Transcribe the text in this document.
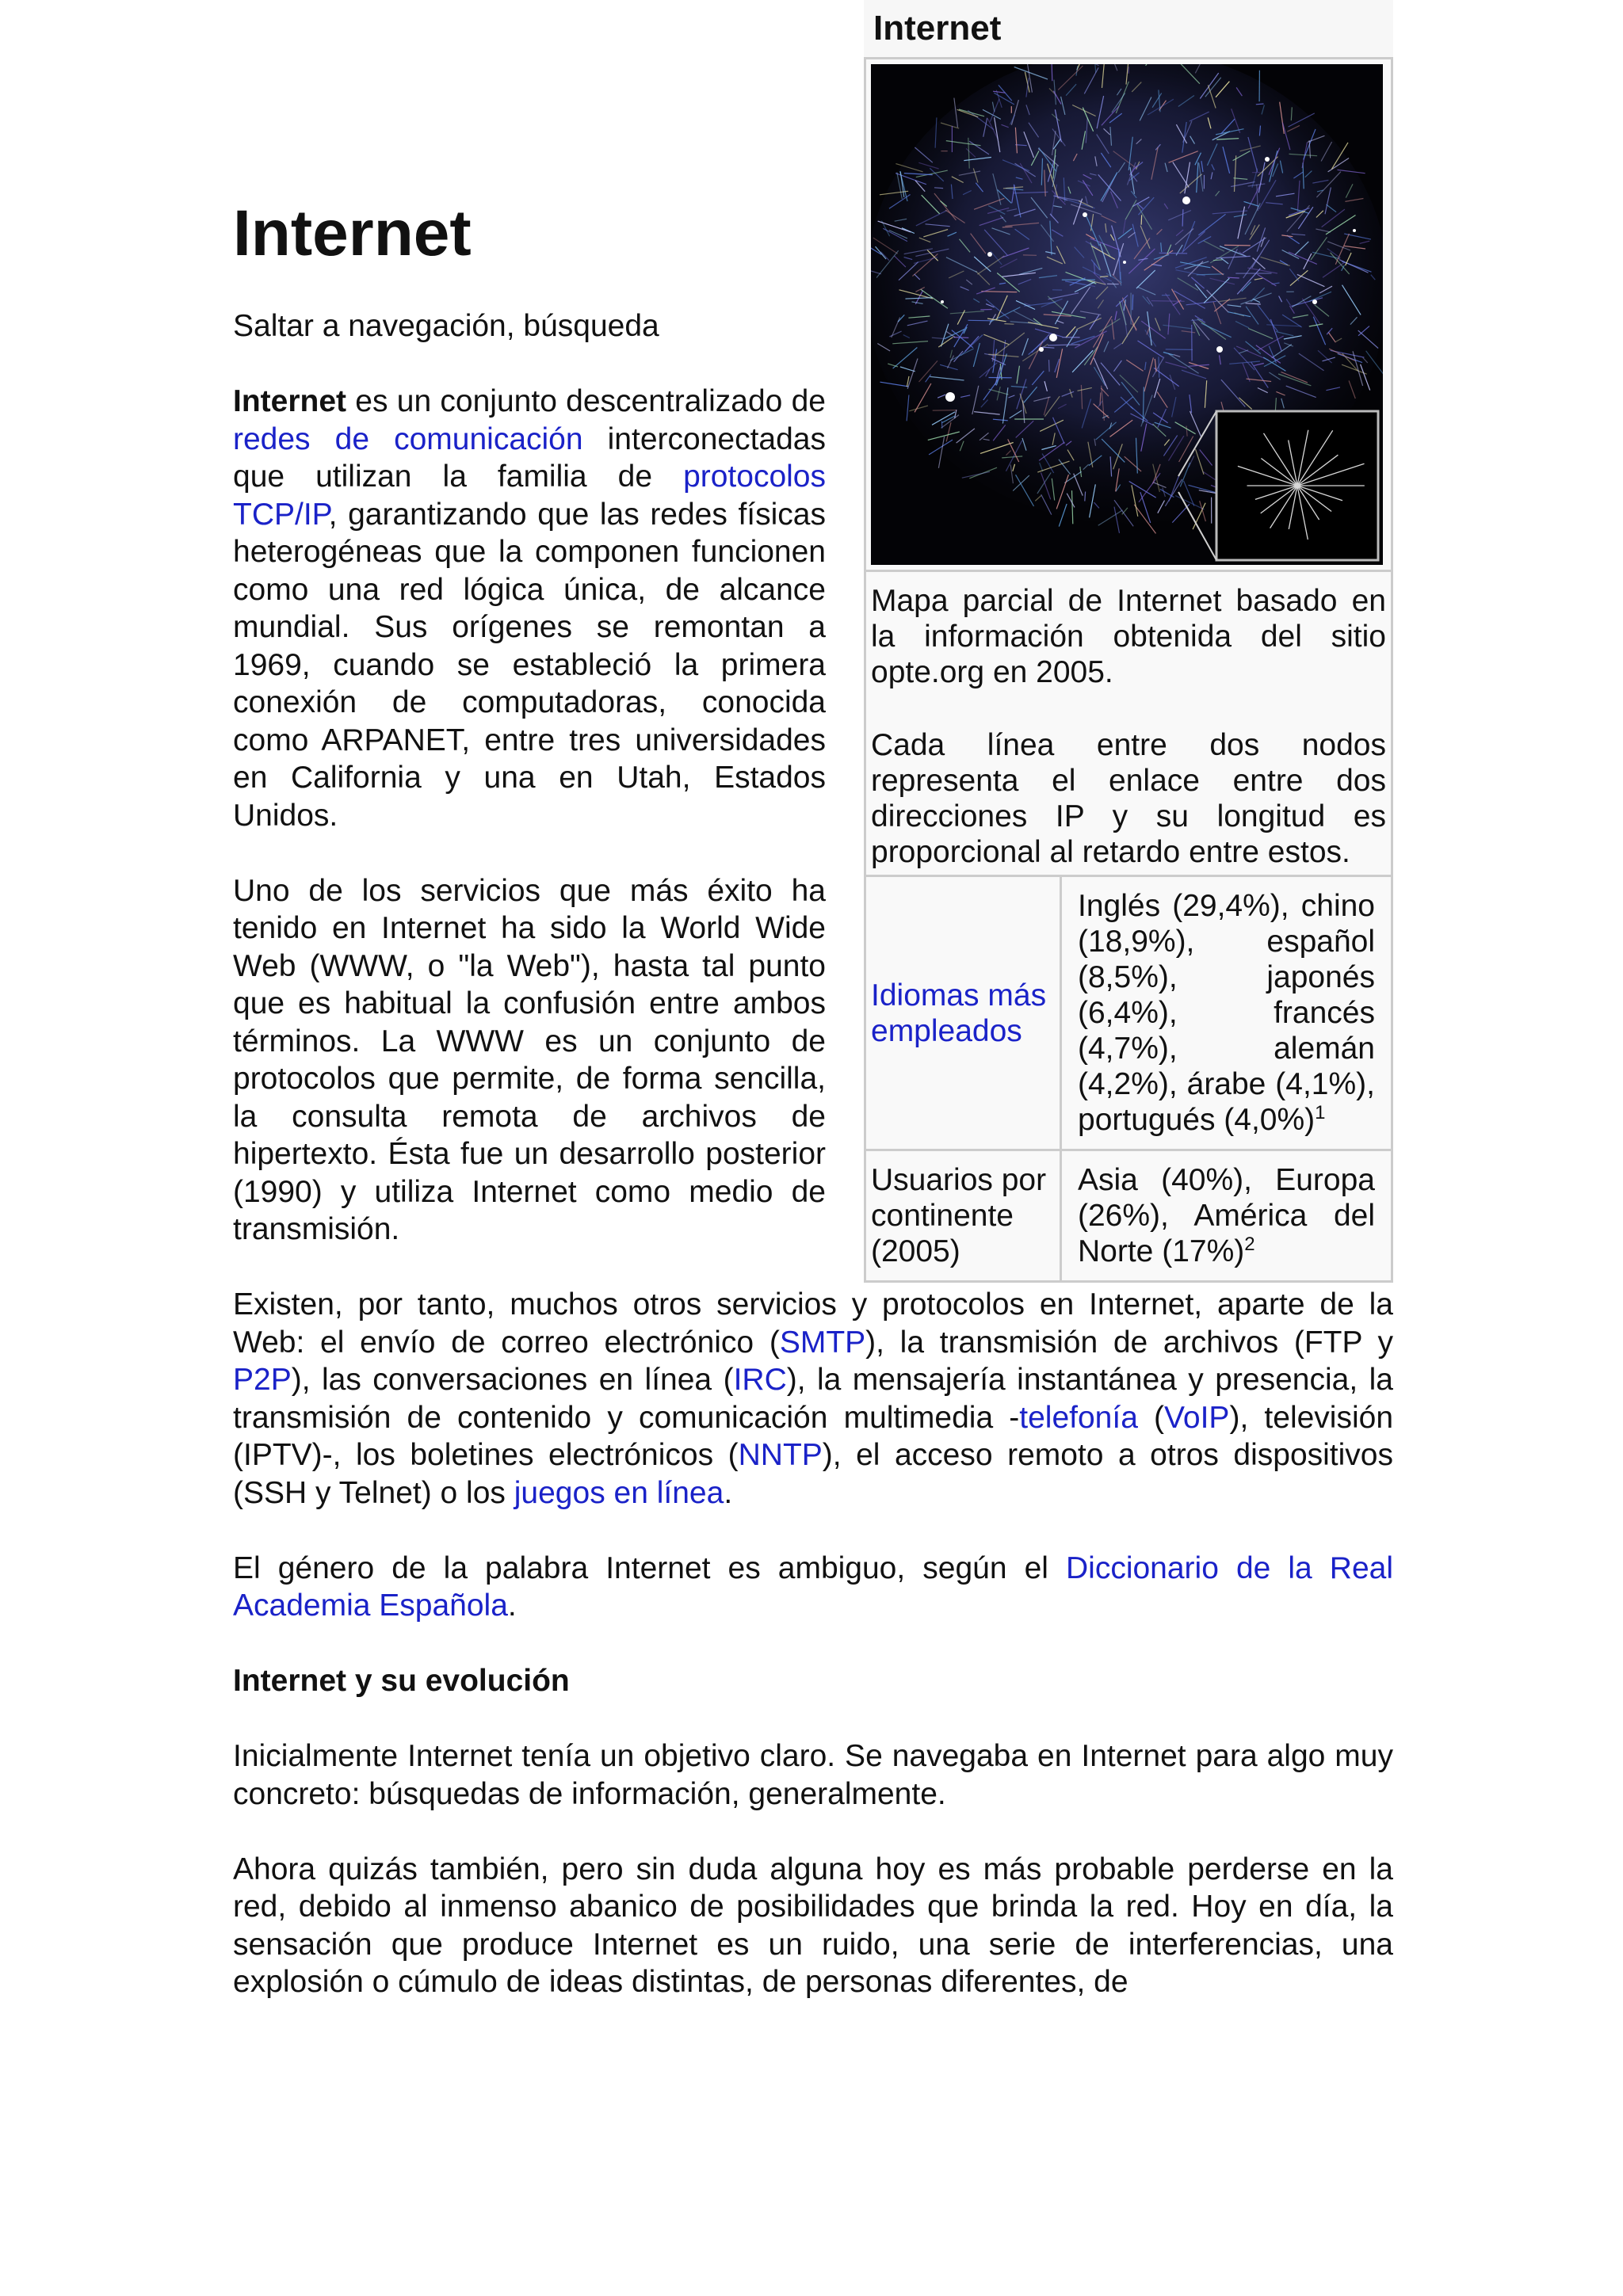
Internet

Mapa parcial de Internet basado en la información obtenida del sitio opte.org en 2005.

Cada línea entre dos nodos representa el enlace entre dos direcciones IP y su longitud es proporcional al retardo entre estos.

Idiomas más empleados	Inglés (29,4%), chino (18,9%), español (8,5%), japonés (6,4%), francés (4,7%), alemán (4,2%), árabe (4,1%), portugués $(4,0\%)^1$
Usuarios por continente (2005)	Asia (40%), Europa (26%), América del Norte $(17\%)^2$
Internet

Saltar a navegación, búsqueda

Internet es un conjunto descentralizado de redes de comunicación interconectadas que utilizan la familia de protocolos TCP/IP, garantizando que las redes físicas heterogéneas que la componen funcionen como una red lógica única, de alcance mundial. Sus orígenes se remontan a 1969, cuando se estableció la primera conexión de computadoras, conocida como ARPANET, entre tres universidades en California y una en Utah, Estados Unidos.

Uno de los servicios que más éxito ha tenido en Internet ha sido la World Wide Web (WWW, o "la Web"), hasta tal punto que es habitual la confusión entre ambos términos. La WWW es un conjunto de protocolos que permite, de forma sencilla, la consulta remota de archivos de hipertexto. Ésta fue un desarrollo posterior (1990) y utiliza Internet como medio de transmisión.

Existen, por tanto, muchos otros servicios y protocolos en Internet, aparte de la Web: el envío de correo electrónico (SMTP), la transmisión de archivos (FTP y P2P), las conversaciones en línea (IRC), la mensajería instantánea y presencia, la transmisión de contenido y comunicación multimedia -telefonía (VoIP), televisión (IPTV)-, los boletines electrónicos (NNTP), el acceso remoto a otros dispositivos (SSH y Telnet) o los juegos en línea.

El género de la palabra Internet es ambiguo, según el Diccionario de la Real Academia Española.

Internet y su evolución

Inicialmente Internet tenía un objetivo claro. Se navegaba en Internet para algo muy concreto: búsquedas de información, generalmente.

Ahora quizás también, pero sin duda alguna hoy es más probable perderse en la red, debido al inmenso abanico de posibilidades que brinda la red. Hoy en día, la sensación que produce Internet es un ruido, una serie de interferencias, una explosión o cúmulo de ideas distintas, de personas diferentes, de
